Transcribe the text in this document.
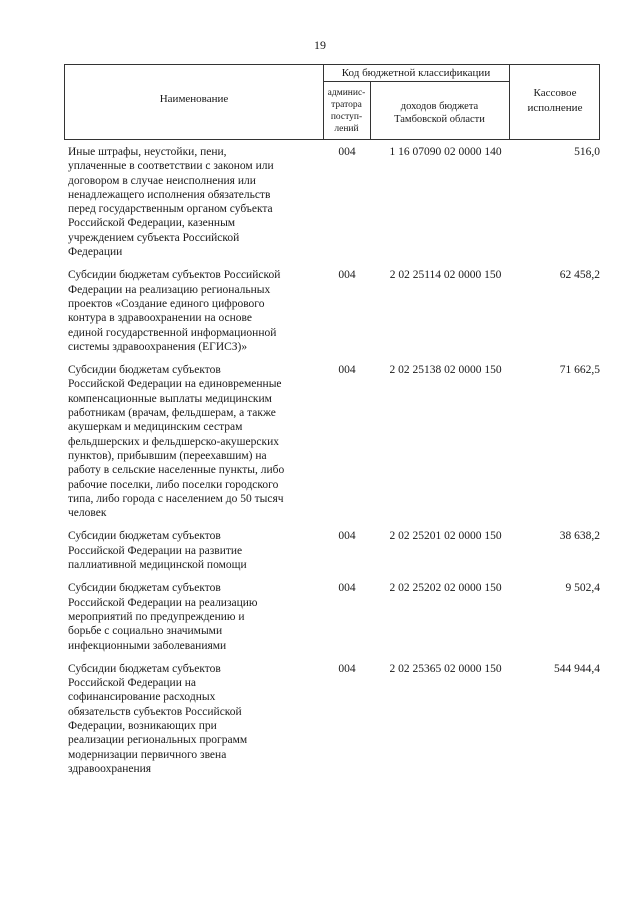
19
Наименование
Код бюджетной классификации
админис-
тратора
поступ-
лений
доходов бюджета
Тамбовской области
Кассовое
исполнение
Иные штрафы, неустойки, пени,
уплаченные в соответствии с законом или
договором в случае неисполнения или
ненадлежащего исполнения обязательств
перед государственным органом субъекта
Российской Федерации, казенным
учреждением субъекта Российской
Федерации
004	1 16 07090 02 0000 140	516,0
Субсидии бюджетам субъектов Российской
Федерации на реализацию региональных
проектов «Создание единого цифрового
контура в здравоохранении на основе
единой государственной информационной
системы здравоохранения (ЕГИСЗ)»
004	2 02 25114 02 0000 150	62 458,2
Субсидии бюджетам субъектов
Российской Федерации на единовременные
компенсационные выплаты медицинским
работникам (врачам, фельдшерам, а также
акушеркам и медицинским сестрам
фельдшерских и фельдшерско-акушерских
пунктов), прибывшим (переехавшим) на
работу в сельские населенные пункты, либо
рабочие поселки, либо поселки городского
типа, либо города с населением до 50 тысяч
человек
004	2 02 25138 02 0000 150	71 662,5
Субсидии бюджетам субъектов
Российской Федерации на развитие
паллиативной медицинской помощи
004	2 02 25201 02 0000 150	38 638,2
Субсидии бюджетам субъектов
Российской Федерации на реализацию
мероприятий по предупреждению и
борьбе с социально значимыми
инфекционными заболеваниями
004	2 02 25202 02 0000 150	9 502,4
Субсидии бюджетам субъектов
Российской Федерации на
софинансирование расходных
обязательств субъектов Российской
Федерации, возникающих при
реализации региональных программ
модернизации первичного звена
здравоохранения
004	2 02 25365 02 0000 150	544 944,4
